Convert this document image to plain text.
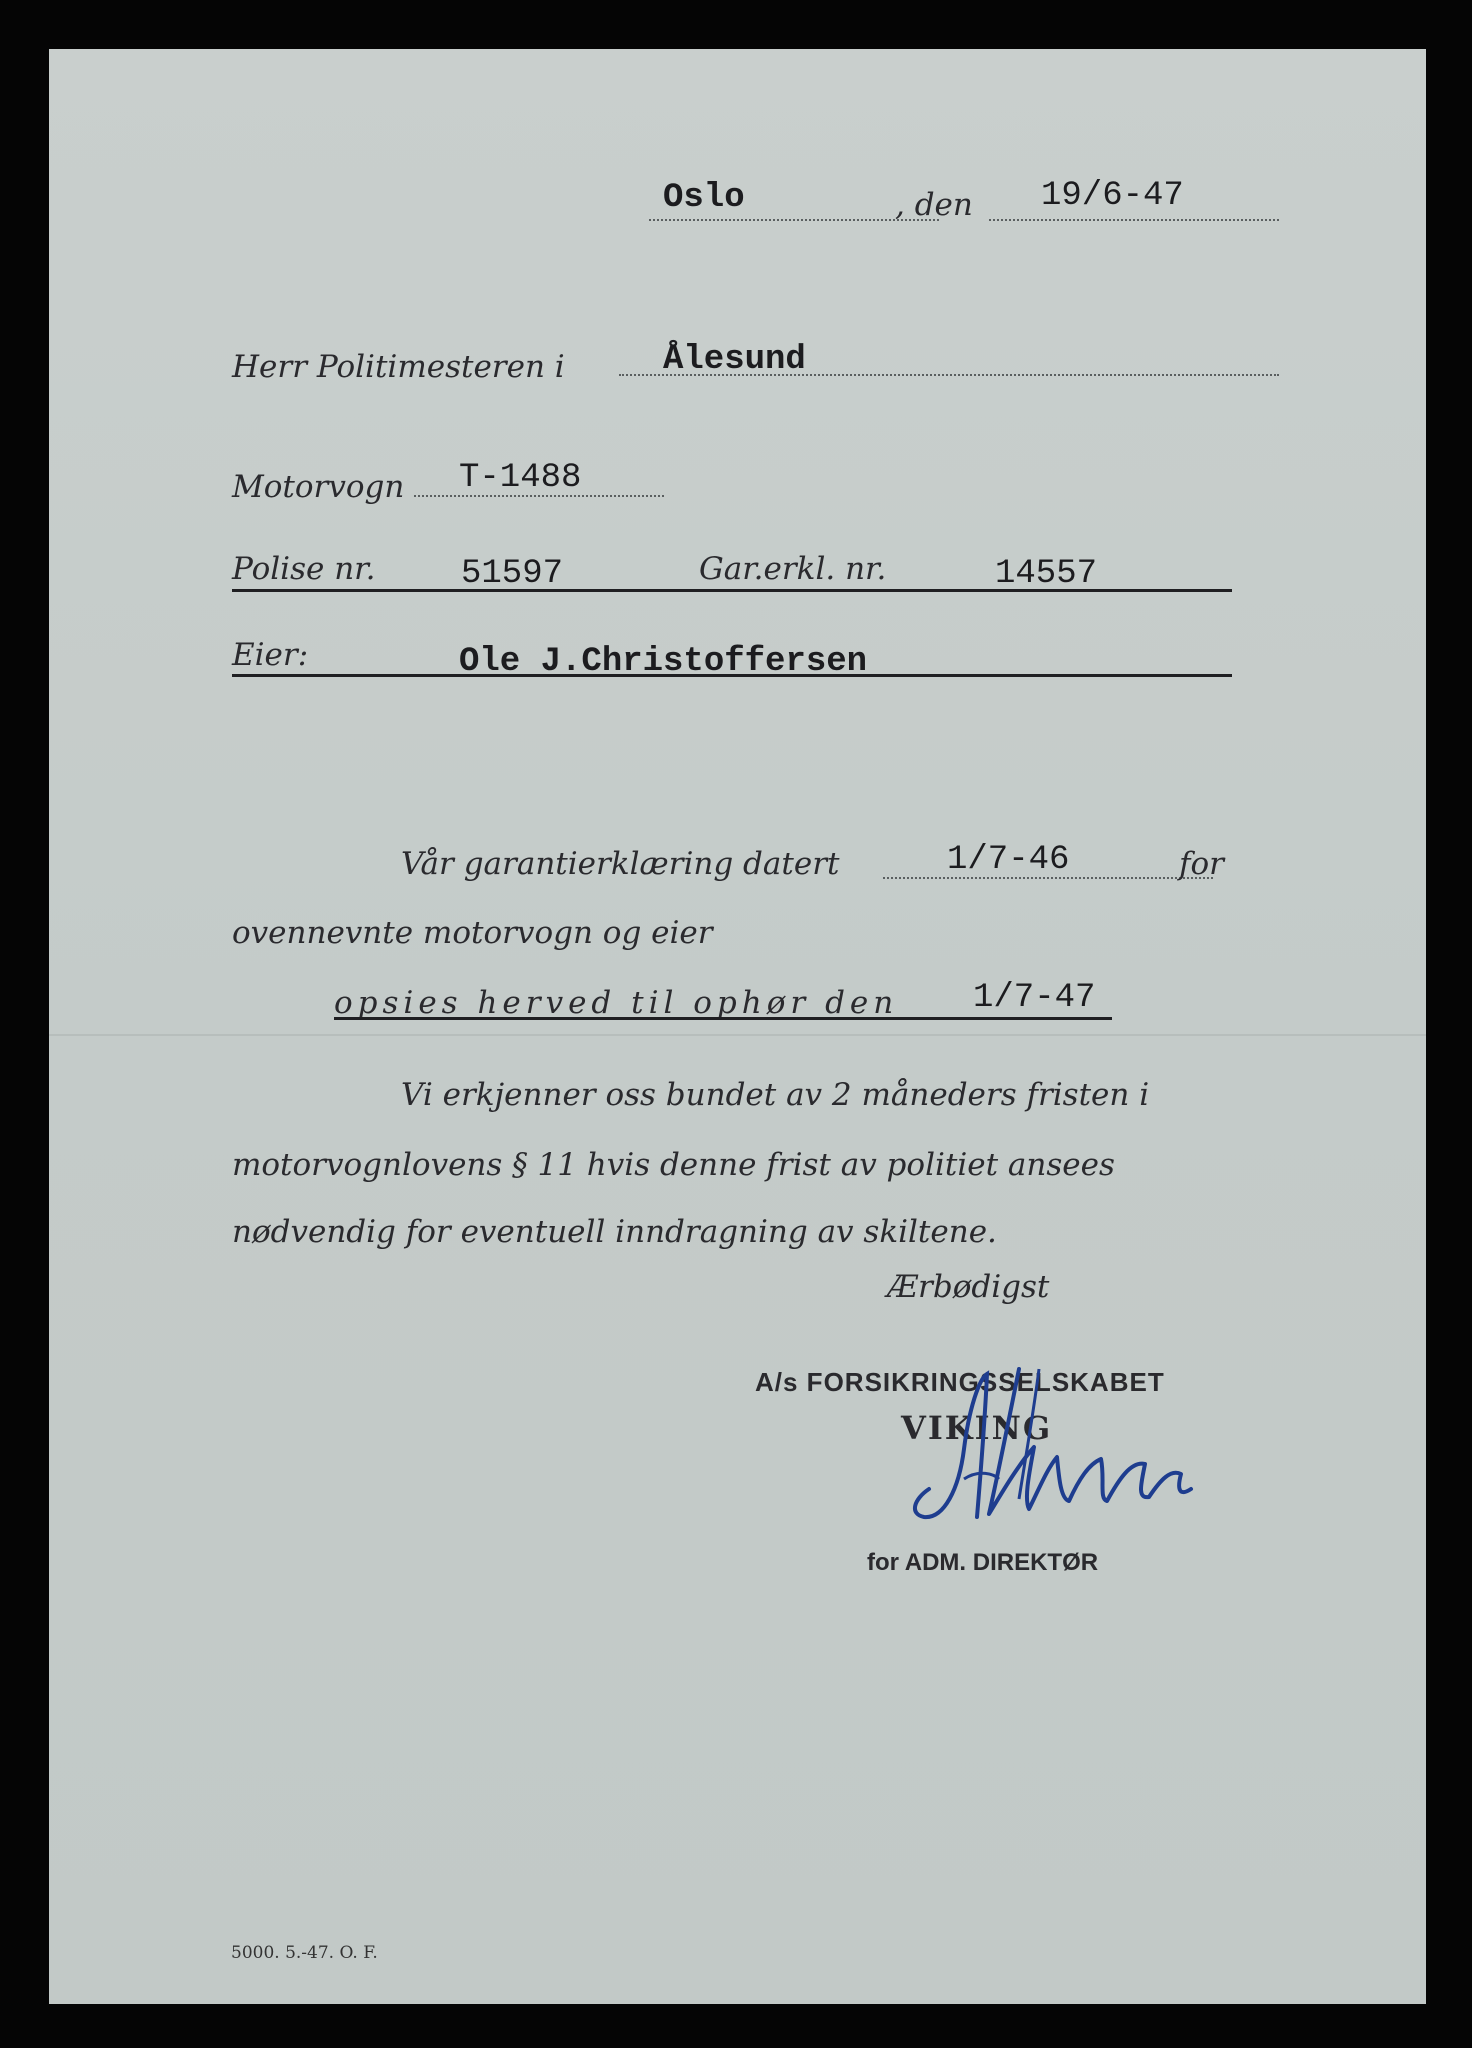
Oslo	, den 19/6-47
Herr Politimesteren i	Ålesund
Motorvogn T-1488
Polise nr.	51597	Gar.erkl. nr.	14557
Eier:	Ole J.Christoffersen
Vår garantierklæring datert	1/7-46	for
ovennevnte motorvogn og eier
opsies herved til ophør den 1/7-47
Vi erkjenner oss bundet av 2 måneders fristen i
motorvognlovens § 11 hvis denne frist av politiet ansees
nødvendig for eventuell inndragning av skiltene.
Ærbødigst
A/s FORSIKRINGSSELSKABET
VIKING
for ADM. DIREKTØR
5000. 5.-47. O. F.
